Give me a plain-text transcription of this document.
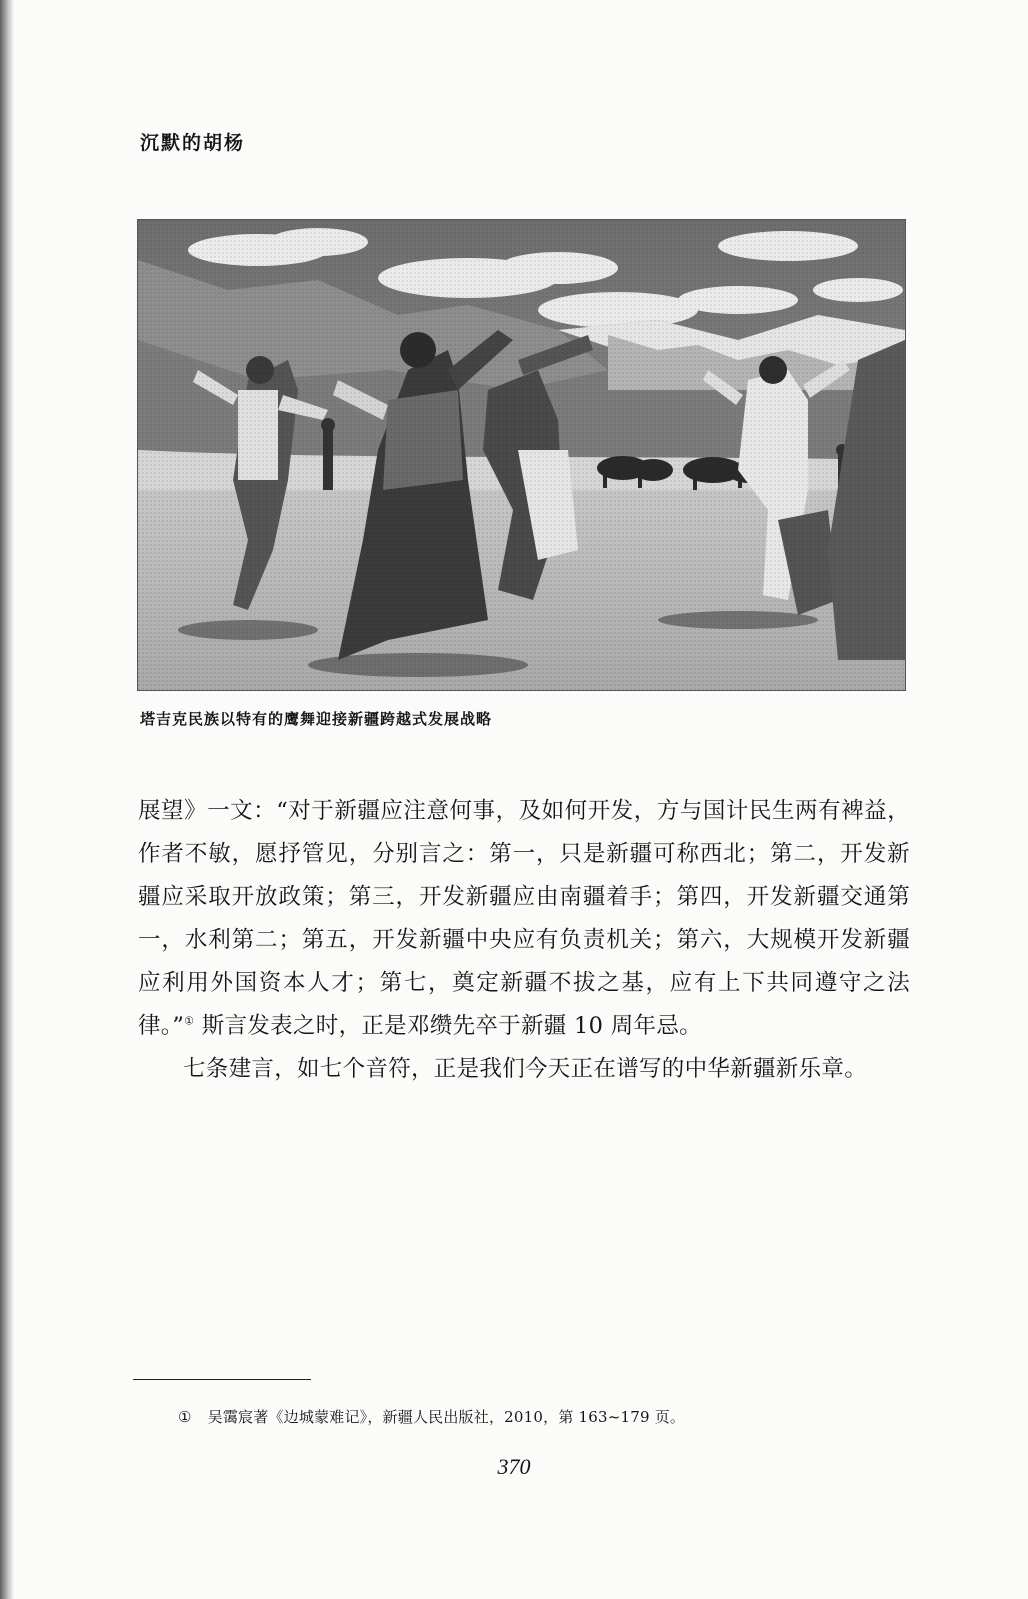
沉默的胡杨
塔吉克民族以特有的鹰舞迎接新疆跨越式发展战略

展望》一文：“对于新疆应注意何事，及如何开发，方与国计民生两有裨益，作者不敏，愿抒管见，分别言之：第一，只是新疆可称西北；第二，开发新疆应采取开放政策；第三，开发新疆应由南疆着手；第四，开发新疆交通第一，水利第二；第五，开发新疆中央应有负责机关；第六，大规模开发新疆应利用外国资本人才；第七，奠定新疆不拔之基，应有上下共同遵守之法律。”① 斯言发表之时，正是邓缵先卒于新疆 10 周年忌。

七条建言，如七个音符，正是我们今天正在谱写的中华新疆新乐章。

① 吴霭宸著《边城蒙难记》，新疆人民出版社，2010，第 163~179 页。
370
